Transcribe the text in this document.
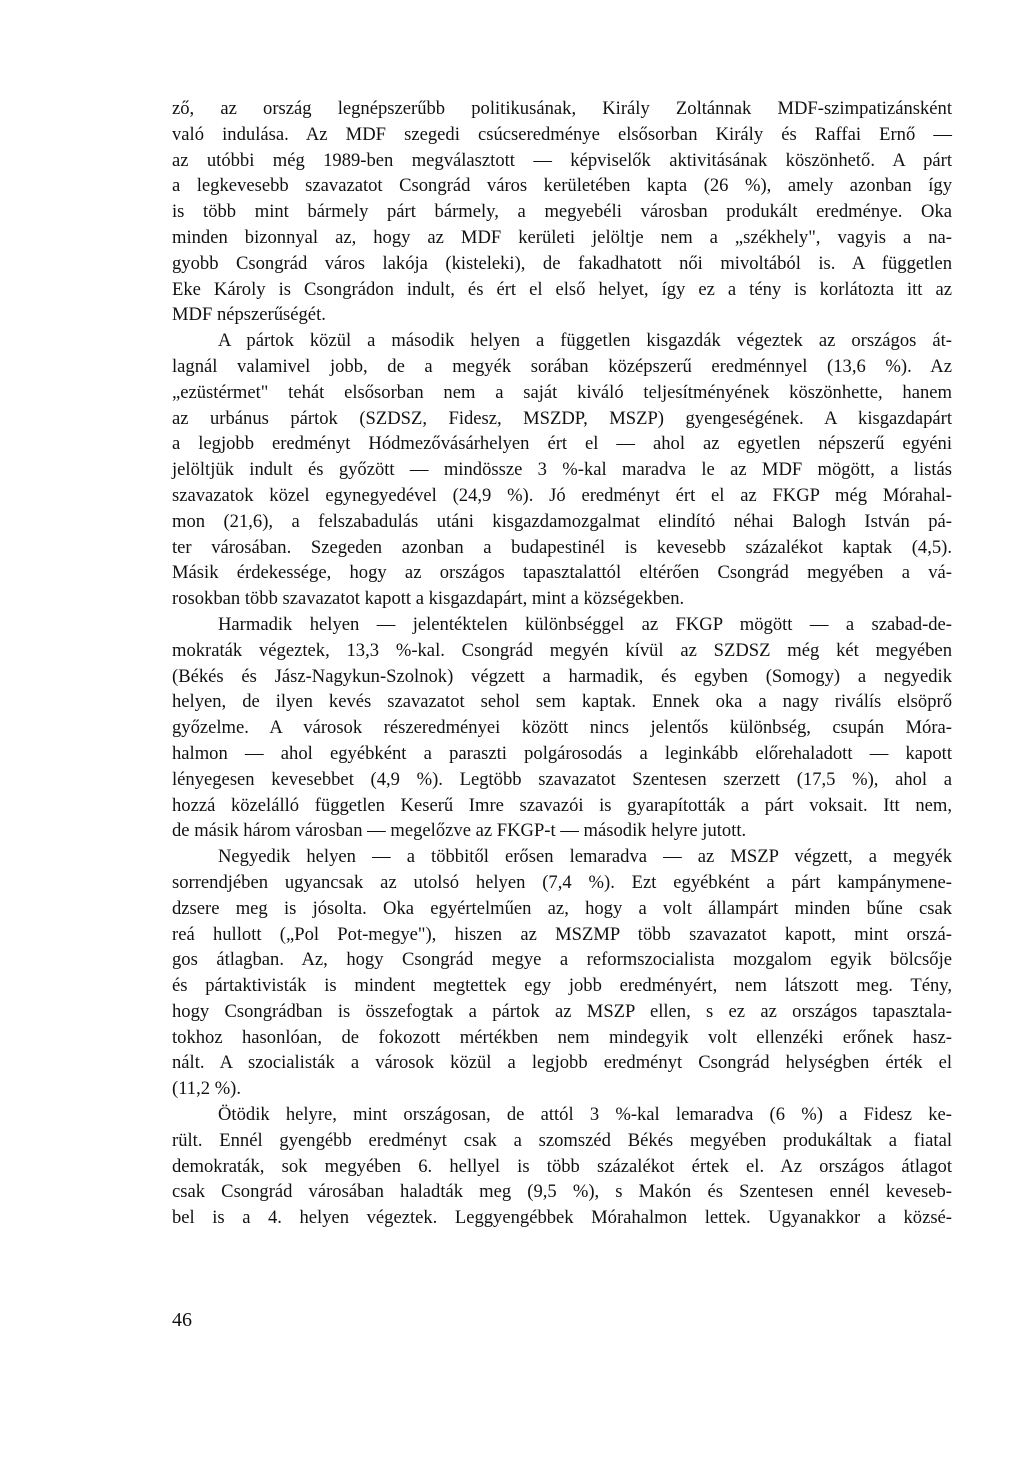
ző, az ország legnépszerűbb politikusának, Király Zoltánnak MDF-szimpatizánsként
való indulása. Az MDF szegedi csúcseredménye elsősorban Király és Raffai Ernő —
az utóbbi még 1989-ben megválasztott — képviselők aktivitásának köszönhető. A párt
a legkevesebb szavazatot Csongrád város kerületében kapta (26 %), amely azonban így
is több mint bármely párt bármely, a megyebéli városban produkált eredménye. Oka
minden bizonnyal az, hogy az MDF kerületi jelöltje nem a „székhely", vagyis a na-
gyobb Csongrád város lakója (kisteleki), de fakadhatott női mivoltából is. A független
Eke Károly is Csongrádon indult, és ért el első helyet, így ez a tény is korlátozta itt az
MDF népszerűségét.

A pártok közül a második helyen a független kisgazdák végeztek az országos át-
lagnál valamivel jobb, de a megyék sorában középszerű eredménnyel (13,6 %). Az
„ezüstérmet" tehát elsősorban nem a saját kiváló teljesítményének köszönhette, hanem
az urbánus pártok (SZDSZ, Fidesz, MSZDP, MSZP) gyengeségének. A kisgazdapárt
a legjobb eredményt Hódmezővásárhelyen ért el — ahol az egyetlen népszerű egyéni
jelöltjük indult és győzött — mindössze 3 %-kal maradva le az MDF mögött, a listás
szavazatok közel egynegyedével (24,9 %). Jó eredményt ért el az FKGP még Mórahal-
mon (21,6), a felszabadulás utáni kisgazdamozgalmat elindító néhai Balogh István pá-
ter városában. Szegeden azonban a budapestinél is kevesebb százalékot kaptak (4,5).
Másik érdekessége, hogy az országos tapasztalattól eltérően Csongrád megyében a vá-
rosokban több szavazatot kapott a kisgazdapárt, mint a községekben.

Harmadik helyen — jelentéktelen különbséggel az FKGP mögött — a szabad-de-
mokraták végeztek, 13,3 %-kal. Csongrád megyén kívül az SZDSZ még két megyében
(Békés és Jász-Nagykun-Szolnok) végzett a harmadik, és egyben (Somogy) a negyedik
helyen, de ilyen kevés szavazatot sehol sem kaptak. Ennek oka a nagy riválís elsöprő
győzelme. A városok részeredményei között nincs jelentős különbség, csupán Móra-
halmon — ahol egyébként a paraszti polgárosodás a leginkább előrehaladott — kapott
lényegesen kevesebbet (4,9 %). Legtöbb szavazatot Szentesen szerzett (17,5 %), ahol a
hozzá közelálló független Keserű Imre szavazói is gyarapították a párt voksait. Itt nem,
de másik három városban — megelőzve az FKGP-t — második helyre jutott.

Negyedik helyen — a többitől erősen lemaradva — az MSZP végzett, a megyék
sorrendjében ugyancsak az utolsó helyen (7,4 %). Ezt egyébként a párt kampánymene-
dzsere meg is jósolta. Oka egyértelműen az, hogy a volt állampárt minden bűne csak
reá hullott („Pol Pot-megye"), hiszen az MSZMP több szavazatot kapott, mint orszá-
gos átlagban. Az, hogy Csongrád megye a reformszocialista mozgalom egyik bölcsője
és pártaktivisták is mindent megtettek egy jobb eredményért, nem látszott meg. Tény,
hogy Csongrádban is összefogtak a pártok az MSZP ellen, s ez az országos tapasztala-
tokhoz hasonlóan, de fokozott mértékben nem mindegyik volt ellenzéki erőnek hasz-
nált. A szocialisták a városok közül a legjobb eredményt Csongrád helységben érték el
(11,2 %).

Ötödik helyre, mint országosan, de attól 3 %-kal lemaradva (6 %) a Fidesz ke-
rült. Ennél gyengébb eredményt csak a szomszéd Békés megyében produkáltak a fiatal
demokraták, sok megyében 6. hellyel is több százalékot értek el. Az országos átlagot
csak Csongrád városában haladták meg (9,5 %), s Makón és Szentesen ennél keveseb-
bel is a 4. helyen végeztek. Leggyengébbek Mórahalmon lettek. Ugyanakkor a közsé-

46
